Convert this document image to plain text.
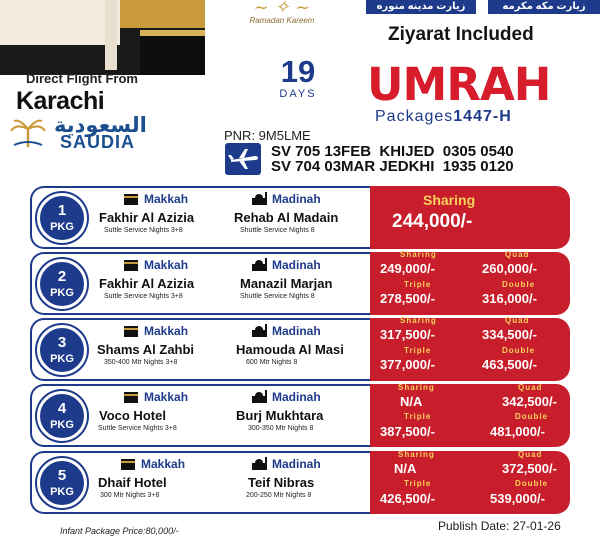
~ ✧ ~
Ramadan Kareem
زيارت مدينه منوره	زيارت مكه مكرمه
Ziyarat Included
Direct Flight From
Karachi
السعودية
SAUDIA
19
DAYS UMRAH
Packages1447-H
PNR: 9M5LME
SV 705 13FEB  KHIJED  0305 0540
SV 704 03MAR JEDKHI  1935 0120
1
PKG
Makkah
Fakhir Al Azizia
Suttle Service Nights 3+8
Madinah
Rehab Al Madain
Shuttle Service Nights 8
Sharing
244,000/-
2
PKG
Makkah
Fakhir Al Azizia
Suttle Service Nights 3+8
Madinah
Manazil Marjan
Shuttle Service Nights 8
Sharing
249,000/-
Quad
260,000/-
Triple
278,500/-
Double
316,000/-
3
PKG
Makkah
Shams Al Zahbi
350-400 Mtr Nights 3+8
Madinah
Hamouda Al Masi
600 Mtr Nights 8
Sharing
317,500/-
Quad
334,500/-
Triple
377,000/-
Double
463,500/-
4
PKG
Makkah
Voco Hotel
Suttle Service Nights 3+8
Madinah
Burj Mukhtara
300-350 Mtr Nights 8
Sharing
N/A
Quad
342,500/-
Triple
387,500/-
Double
481,000/-
5
PKG
Makkah
Dhaif Hotel
300 Mtr Nights 3+8
Madinah
Teif Nibras
200-250 Mtr Nights 8
Sharing
N/A
Quad
372,500/-
Triple
426,500/-
Double
539,000/-
Infant Package Price:80,000/-	Publish Date: 27-01-26
